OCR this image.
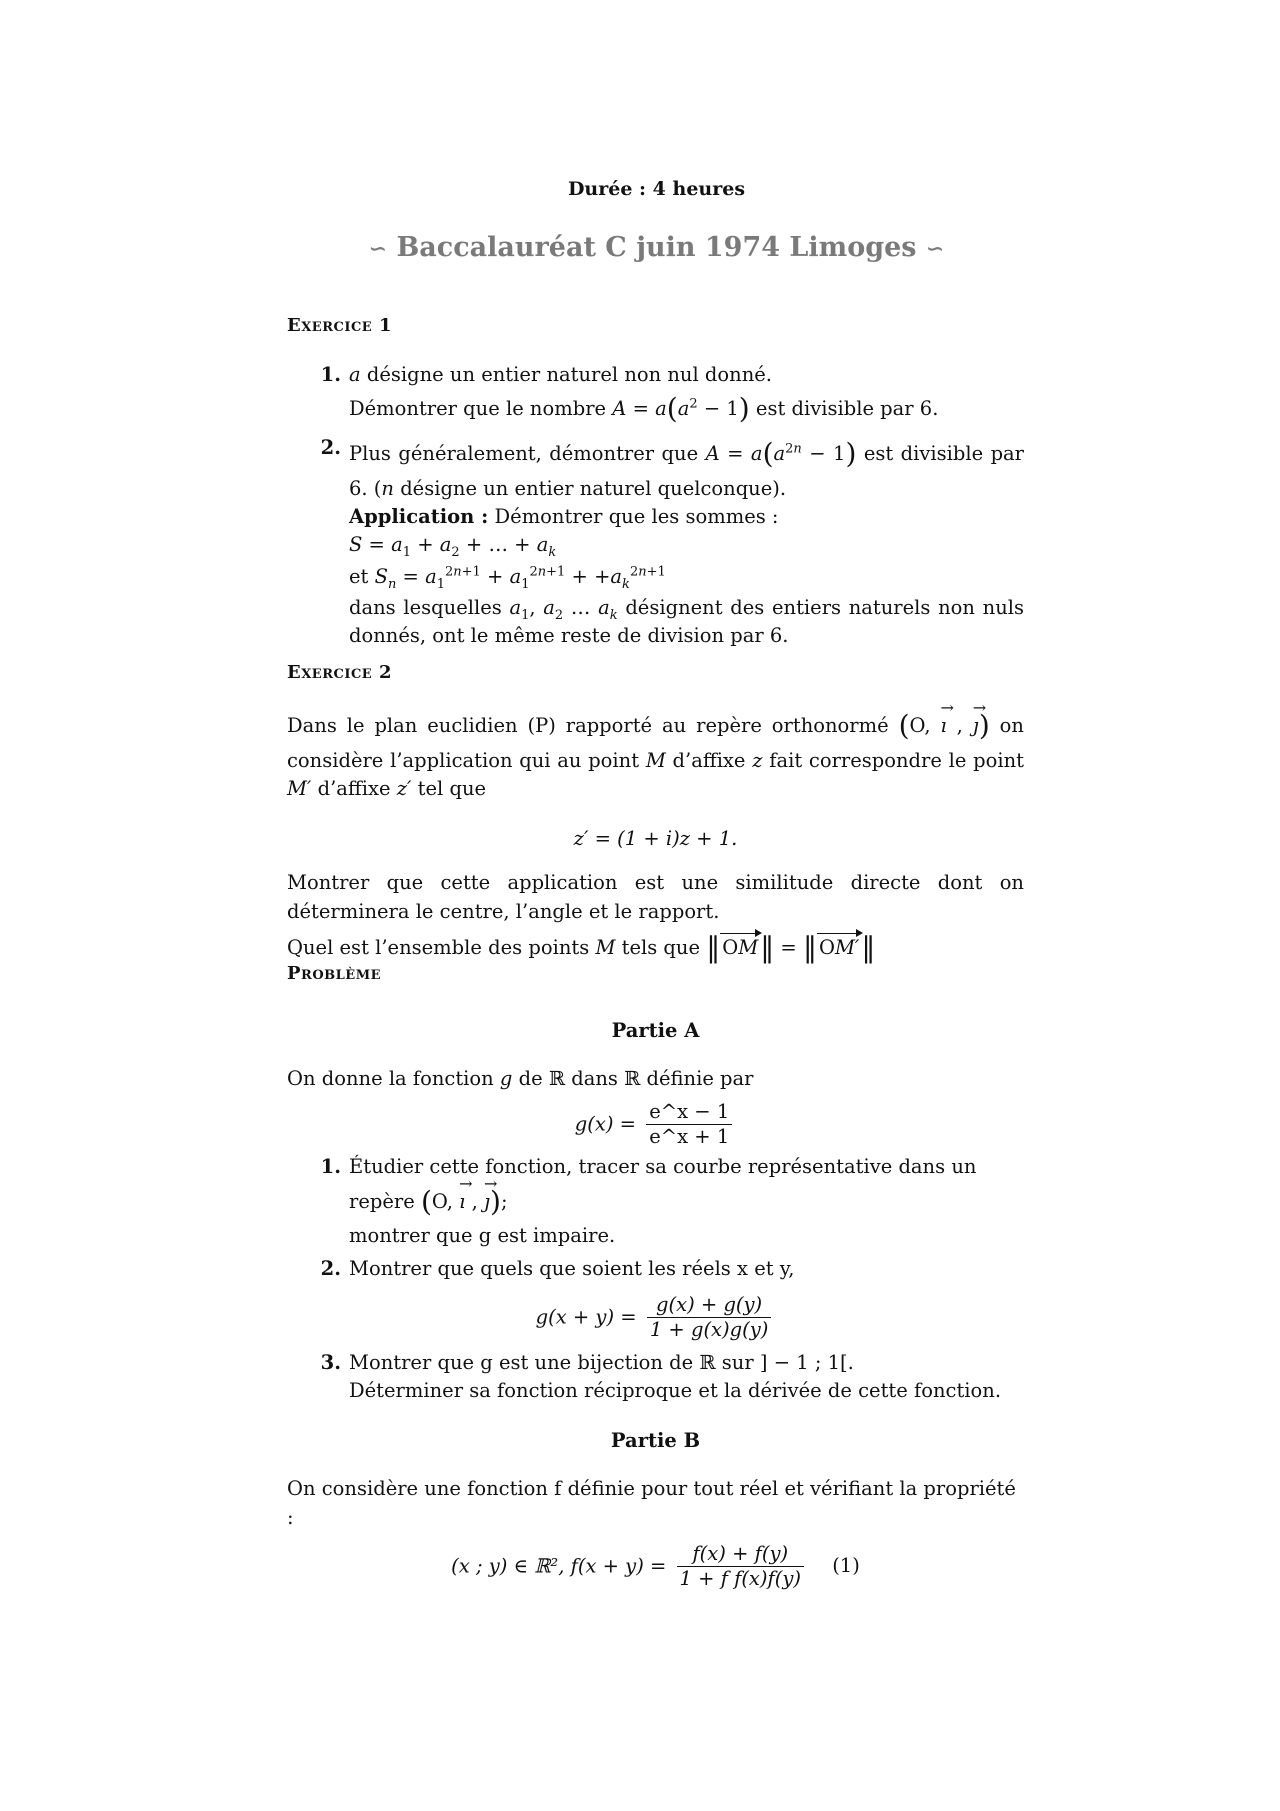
Durée : 4 heures
∽ Baccalauréat C juin 1974 Limoges ∽
Exercice 1
1. a désigne un entier naturel non nul donné.
Démontrer que le nombre $A = a(a^2 - 1)$ est divisible par 6.
2. Plus généralement, démontrer que $A = a(a^{2n} - 1)$ est divisible par 6. (n désigne un entier naturel quelconque).
Application : Démontrer que les sommes :
$S = a_1 + a_2$ + … + $a_k$
et $S_n = a_1^{2n+1} + a_1^{2n+1} + +a_k^{2n+1}$
dans lesquelles $a_1$, $a_2$ … $a_k$ désignent des entiers naturels non nuls donnés, ont le même reste de division par 6.
Exercice 2
Dans le plan euclidien (P) rapporté au repère orthonormé (O, → ı , → ȷ) on considère l’application qui au point M d’affixe z fait correspondre le point M′ d’affixe z′ tel que
z′ = (1 + i)z + 1.
Montrer que cette application est une similitude directe dont on déterminera le centre, l’angle et le rapport.
Quel est l’ensemble des points M tels que ‖ OM‖ = ‖ OM′‖
Problème
Partie A
On donne la fonction g de ℝ dans ℝ définie par
$g(x) = \frac{e\^{}x - 1}{e\^{}x + 1}$
1. Étudier cette fonction, tracer sa courbe représentative dans un repère (O, → ı , → ȷ);
montrer que g est impaire.
2. Montrer que quels que soient les réels x et y,
$g(x + y) = \frac{g(x) + g(y)}{1 + g(x)g(y)}$
3. Montrer que g est une bijection de ℝ sur ] − 1 ; 1[.
Déterminer sa fonction réciproque et la dérivée de cette fonction.
Partie B
On considère une fonction f définie pour tout réel et vérifiant la propriété :
(x ; y) ∈ ℝ², $f(x + y) = \frac{f(x) + f(y)}{\text{1 + f f(x)f(y)}} (1)$
